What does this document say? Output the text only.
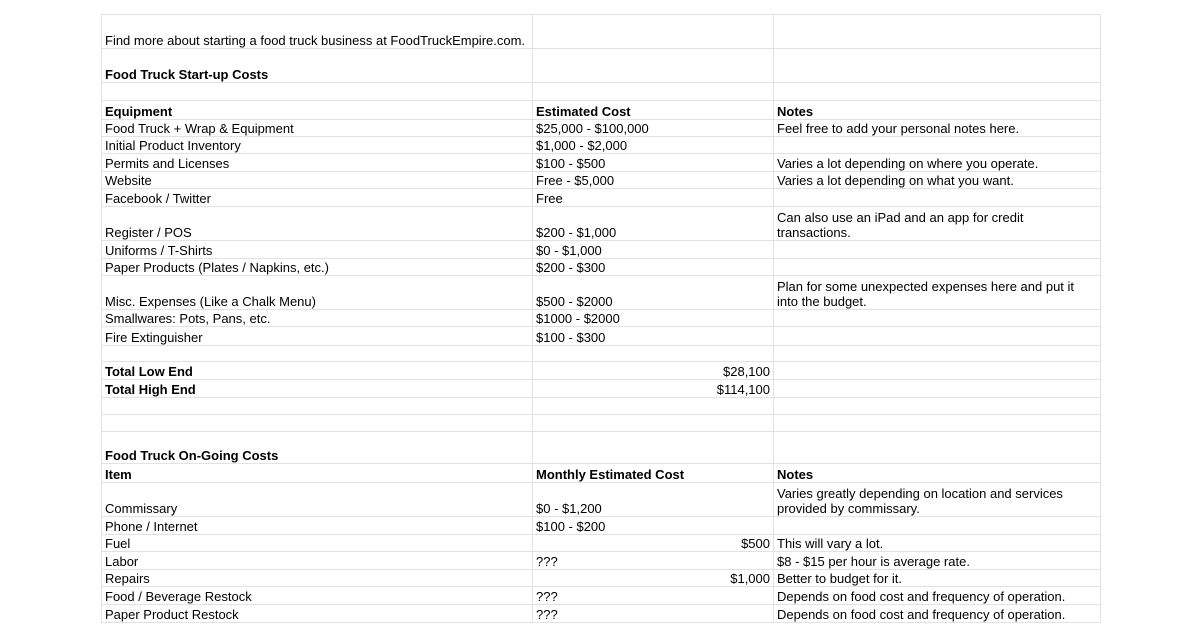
Find more about starting a food truck business at FoodTruckEmpire.com.		
Food Truck Start-up Costs		

Equipment	Estimated Cost	Notes
Food Truck + Wrap & Equipment	$25,000 - $100,000	Feel free to add your personal notes here.
Initial Product Inventory	$1,000 - $2,000	
Permits and Licenses	$100 - $500	Varies a lot depending on where you operate.
Website	Free - $5,000	Varies a lot depending on what you want.
Facebook / Twitter	Free	
Register / POS	$200 - $1,000	Can also use an iPad and an app for credit transactions.
Uniforms / T-Shirts	$0 - $1,000	
Paper Products (Plates / Napkins, etc.)	$200 - $300	
Misc. Expenses (Like a Chalk Menu)	$500 - $2000	Plan for some unexpected expenses here and put it into the budget.
Smallwares: Pots, Pans, etc.	$1000 - $2000	
Fire Extinguisher	$100 - $300	

Total Low End	$28,100	
Total High End	$114,100	

Food Truck On-Going Costs		
Item	Monthly Estimated Cost	Notes
Commissary	$0 - $1,200	Varies greatly depending on location and services provided by commissary.
Phone / Internet	$100 - $200	
Fuel	$500	This will vary a lot.
Labor	???	$8 - $15 per hour is average rate.
Repairs	$1,000	Better to budget for it.
Food / Beverage Restock	???	Depends on food cost and frequency of operation.
Paper Product Restock	???	Depends on food cost and frequency of operation.
